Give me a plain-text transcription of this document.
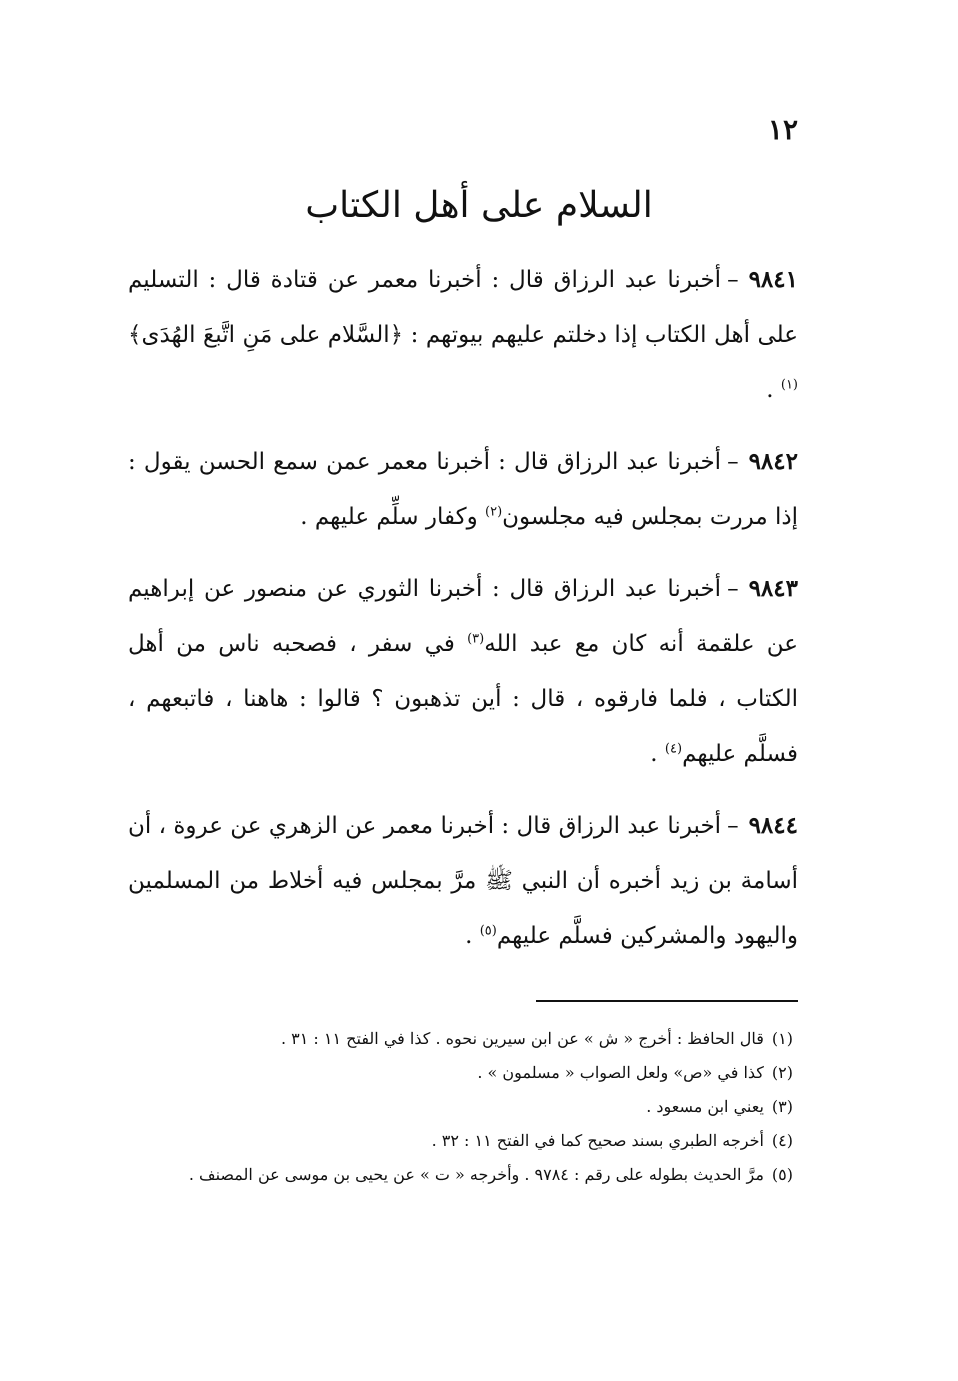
١٢
السلام على أهل الكتاب

٩٨٤١–أخبرنا عبد الرزاق قال : أخبرنا معمر عن قتادة قال : التسليم على أهل الكتاب إذا دخلتم عليهم بيوتهم : ﴿السَّلام على مَنِ اتَّبعَ الهُدَى﴾$^{(١)}$ .

٩٨٤٢–أخبرنا عبد الرزاق قال : أخبرنا معمر عمن سمع الحسن يقول : إذا مررت بمجلس فيه مجلسون$^{(٢)}$ وكفار سلِّم عليهم .

٩٨٤٣–أخبرنا عبد الرزاق قال : أخبرنا الثوري عن منصور عن إبراهيم عن علقمة أنه كان مع عبد الله$^{(٣)}$ في سفر ، فصحبه ناس من أهل الكتاب ، فلما فارقوه ، قال : أين تذهبون ؟ قالوا : هاهنا ، فاتبعهم ، فسلَّم عليهم$^{(٤)}$ .

٩٨٤٤–أخبرنا عبد الرزاق قال : أخبرنا معمر عن الزهري عن عروة ، أن أسامة بن زيد أخبره أن النبي ﷺ مرَّ بمجلس فيه أخلاط من المسلمين واليهود والمشركين فسلَّم عليهم$^{(٥)}$ .

(١)قال الحافظ : أخرج « ش » عن ابن سيرين نحوه . كذا في الفتح ١١ : ٣١ .
(٢)كذا في «ص» ولعل الصواب « مسلمون » .
(٣)يعني ابن مسعود .
(٤)أخرجه الطبري بسند صحيح كما في الفتح ١١ : ٣٢ .
(٥)مرَّ الحديث بطوله على رقم : ٩٧٨٤ . وأخرجه « ت » عن يحيى بن موسى عن المصنف .
